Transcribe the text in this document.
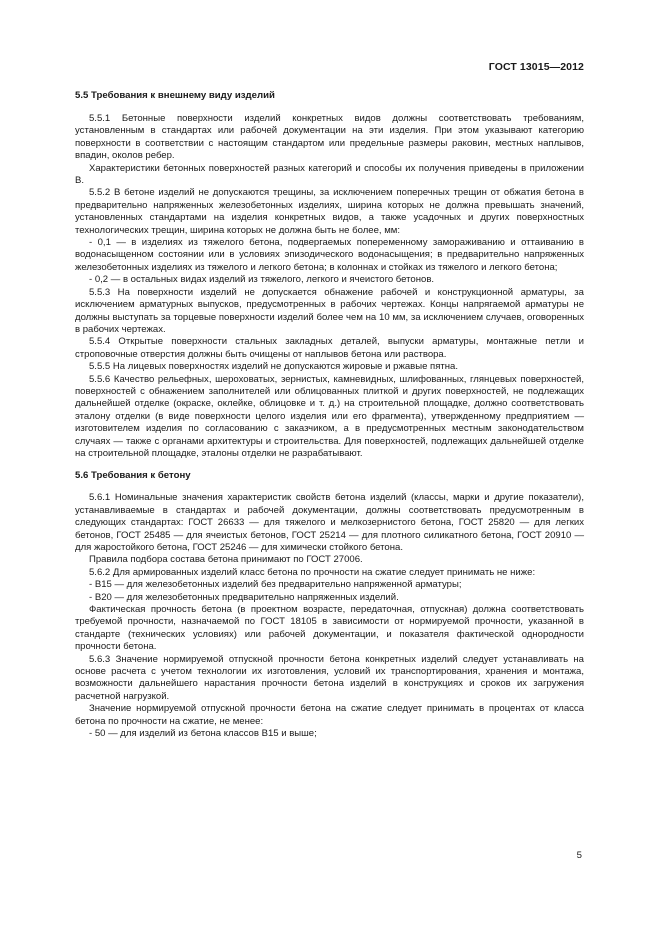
ГОСТ 13015—2012
5.5 Требования к внешнему виду изделий

5.5.1 Бетонные поверхности изделий конкретных видов должны соответствовать требованиям, установленным в стандартах или рабочей документации на эти изделия. При этом указывают категорию поверхности в соответствии с настоящим стандартом или предельные размеры раковин, местных наплывов, впадин, околов ребер.

Характеристики бетонных поверхностей разных категорий и способы их получения приведены в приложении В.

5.5.2 В бетоне изделий не допускаются трещины, за исключением поперечных трещин от обжатия бетона в предварительно напряженных железобетонных изделиях, ширина которых не должна превышать значений, установленных стандартами на изделия конкретных видов, а также усадочных и других поверхностных технологических трещин, ширина которых не должна быть не более, мм:

- 0,1 — в изделиях из тяжелого бетона, подвергаемых попеременному замораживанию и оттаиванию в водонасыщенном состоянии или в условиях эпизодического водонасыщения; в предварительно напряженных железобетонных изделиях из тяжелого и легкого бетона; в колоннах и стойках из тяжелого и легкого бетона;

- 0,2 — в остальных видах изделий из тяжелого, легкого и ячеистого бетонов.

5.5.3 На поверхности изделий не допускается обнажение рабочей и конструкционной арматуры, за исключением арматурных выпусков, предусмотренных в рабочих чертежах. Концы напрягаемой арматуры не должны выступать за торцевые поверхности изделий более чем на 10 мм, за исключением случаев, оговоренных в рабочих чертежах.

5.5.4 Открытые поверхности стальных закладных деталей, выпуски арматуры, монтажные петли и строповочные отверстия должны быть очищены от наплывов бетона или раствора.

5.5.5 На лицевых поверхностях изделий не допускаются жировые и ржавые пятна.

5.5.6 Качество рельефных, шероховатых, зернистых, камневидных, шлифованных, глянцевых поверхностей, поверхностей с обнажением заполнителей или облицованных плиткой и других поверхностей, не подлежащих дальнейшей отделке (окраске, оклейке, облицовке и т. д.) на строительной площадке, должно соответствовать эталону отделки (в виде поверхности целого изделия или его фрагмента), утвержденному предприятием — изготовителем изделия по согласованию с заказчиком, а в предусмотренных местным законодательством случаях — также с органами архитектуры и строительства. Для поверхностей, подлежащих дальнейшей отделке на строительной площадке, эталоны отделки не разрабатывают.

5.6 Требования к бетону

5.6.1 Номинальные значения характеристик свойств бетона изделий (классы, марки и другие показатели), устанавливаемые в стандартах и рабочей документации, должны соответствовать предусмотренным в следующих стандартах: ГОСТ 26633 — для тяжелого и мелкозернистого бетона, ГОСТ 25820 — для легких бетонов, ГОСТ 25485 — для ячеистых бетонов, ГОСТ 25214 — для плотного силикатного бетона, ГОСТ 20910 — для жаростойкого бетона, ГОСТ 25246 — для химически стойкого бетона.

Правила подбора состава бетона принимают по ГОСТ 27006.

5.6.2 Для армированных изделий класс бетона по прочности на сжатие следует принимать не ниже:

- В15 — для железобетонных изделий без предварительно напряженной арматуры;

- В20 — для железобетонных предварительно напряженных изделий.

Фактическая прочность бетона (в проектном возрасте, передаточная, отпускная) должна соответствовать требуемой прочности, назначаемой по ГОСТ 18105 в зависимости от нормируемой прочности, указанной в стандарте (технических условиях) или рабочей документации, и показателя фактической однородности прочности бетона.

5.6.3 Значение нормируемой отпускной прочности бетона конкретных изделий следует устанавливать на основе расчета с учетом технологии их изготовления, условий их транспортирования, хранения и монтажа, возможности дальнейшего нарастания прочности бетона изделий в конструкциях и сроков их загружения расчетной нагрузкой.

Значение нормируемой отпускной прочности бетона на сжатие следует принимать в процентах от класса бетона по прочности на сжатие, не менее:

- 50 — для изделий из бетона классов В15 и выше;

5
